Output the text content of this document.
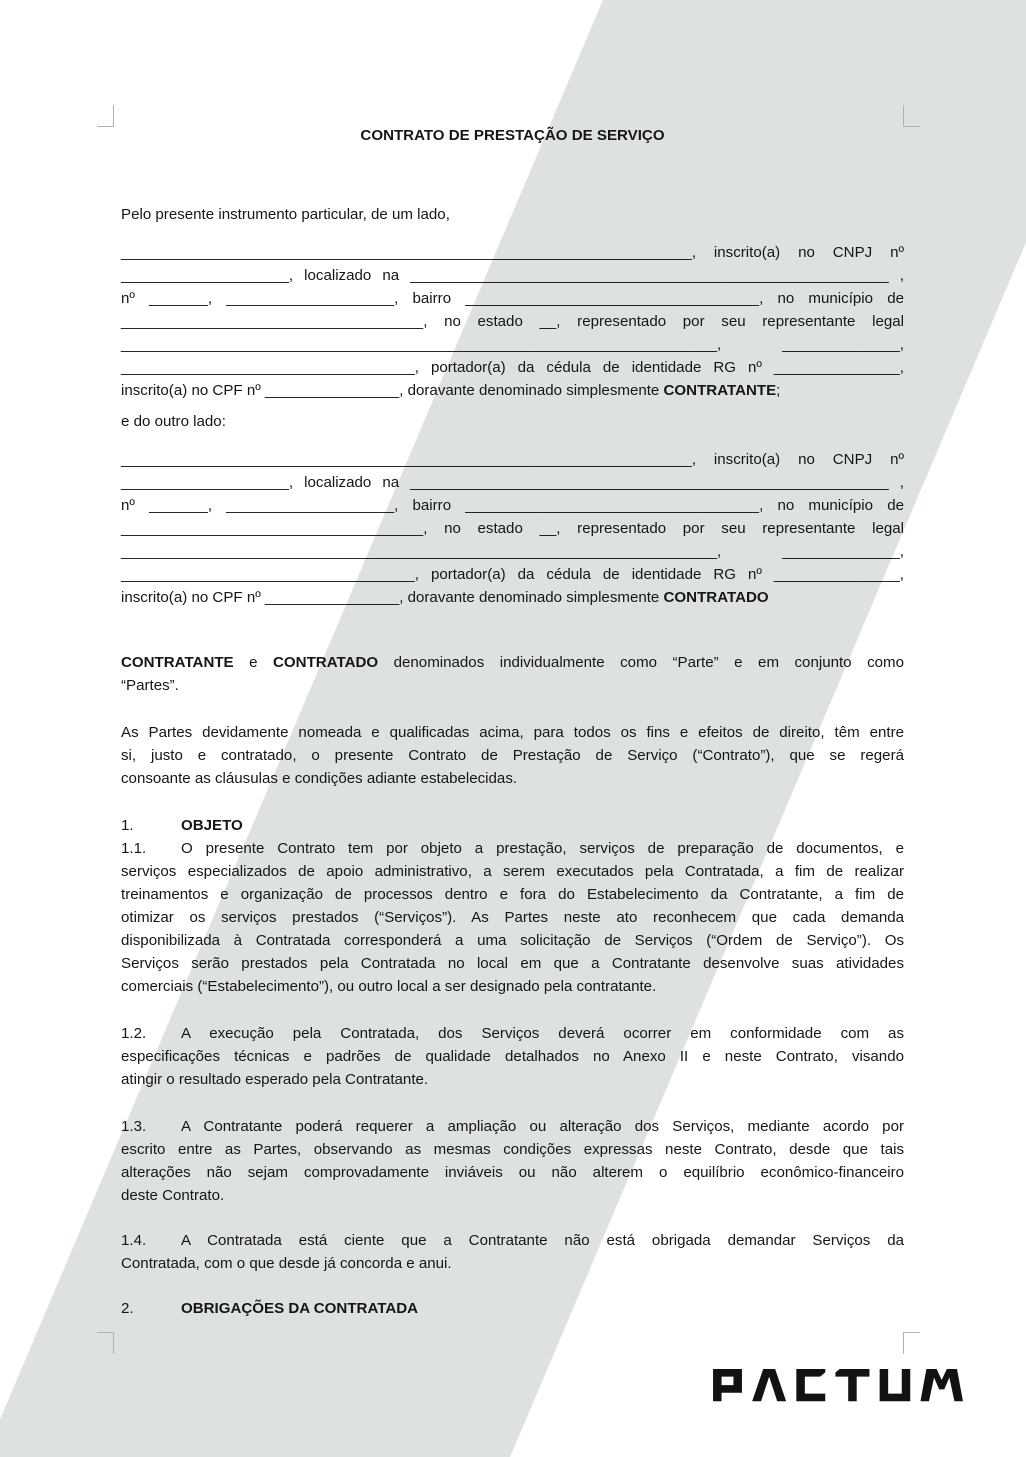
CONTRATO DE PRESTAÇÃO DE SERVIÇO
Pelo presente instrumento particular, de um lado,
____________________________________________________________________, inscrito(a) no CNPJ nº
____________________, localizado na _________________________________________________________ ,
nº _______, ____________________, bairro ___________________________________, no município de
____________________________________, no estado __, representado por seu representante legal
_______________________________________________________________________, ______________,
___________________________________, portador(a) da cédula de identidade RG nº _______________,
inscrito(a) no CPF nº ________________, doravante denominado simplesmente CONTRATANTE;
e do outro lado:
____________________________________________________________________, inscrito(a) no CNPJ nº
____________________, localizado na _________________________________________________________ ,
nº _______, ____________________, bairro ___________________________________, no município de
____________________________________, no estado __, representado por seu representante legal
_______________________________________________________________________, ______________,
___________________________________, portador(a) da cédula de identidade RG nº _______________,
inscrito(a) no CPF nº ________________, doravante denominado simplesmente CONTRATADO
CONTRATANTE e CONTRATADO denominados individualmente como “Parte” e em conjunto como
“Partes”.
As Partes devidamente nomeada e qualificadas acima, para todos os fins e efeitos de direito, têm entre
si, justo e contratado, o presente Contrato de Prestação de Serviço (“Contrato”), que se regerá
consoante as cláusulas e condições adiante estabelecidas.
1.	OBJETO
1.1. O presente Contrato tem por objeto a prestação, serviços de preparação de documentos, e
serviços especializados de apoio administrativo, a serem executados pela Contratada, a fim de realizar
treinamentos e organização de processos dentro e fora do Estabelecimento da Contratante, a fim de
otimizar os serviços prestados (“Serviços”). As Partes neste ato reconhecem que cada demanda
disponibilizada à Contratada corresponderá a uma solicitação de Serviços (“Ordem de Serviço”). Os
Serviços serão prestados pela Contratada no local em que a Contratante desenvolve suas atividades
comerciais (“Estabelecimento”), ou outro local a ser designado pela contratante.
1.2. A execução pela Contratada, dos Serviços deverá ocorrer em conformidade com as
especificações técnicas e padrões de qualidade detalhados no Anexo II e neste Contrato, visando
atingir o resultado esperado pela Contratante.
1.3. A Contratante poderá requerer a ampliação ou alteração dos Serviços, mediante acordo por
escrito entre as Partes, observando as mesmas condições expressas neste Contrato, desde que tais
alterações não sejam comprovadamente inviáveis ou não alterem o equilíbrio econômico-financeiro
deste Contrato.
1.4. A Contratada está ciente que a Contratante não está obrigada demandar Serviços da
Contratada, com o que desde já concorda e anui.
2.	OBRIGAÇÕES DA CONTRATADA
